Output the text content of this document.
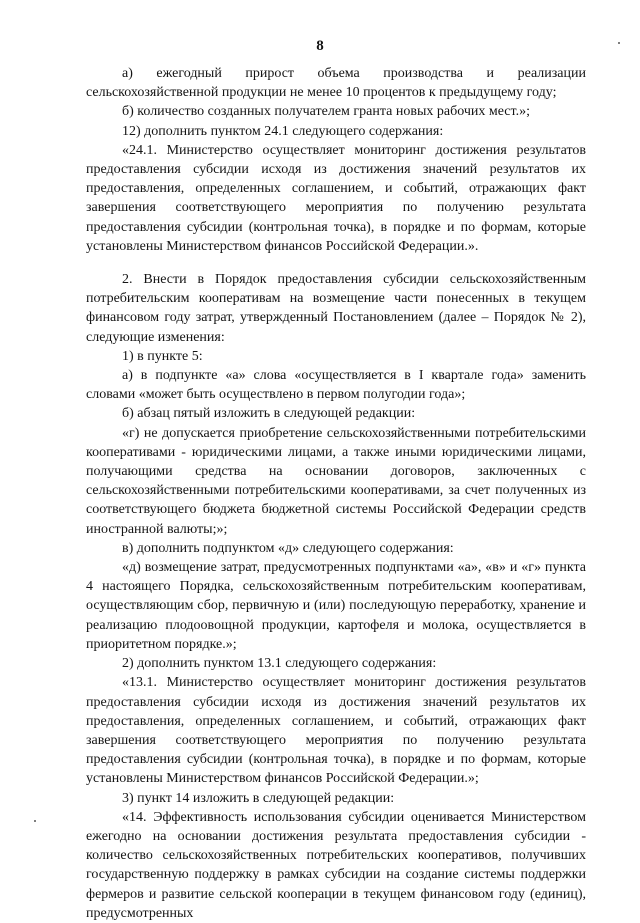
8

а) ежегодный прирост объема производства и реализации сельскохозяйственной продукции не менее 10 процентов к предыдущему году;

б) количество созданных получателем гранта новых рабочих мест.»;

12) дополнить пунктом 24.1 следующего содержания:

«24.1. Министерство осуществляет мониторинг достижения результатов предоставления субсидии исходя из достижения значений результатов их предоставления, определенных соглашением, и событий, отражающих факт завершения соответствующего мероприятия по получению результата предоставления субсидии (контрольная точка), в порядке и по формам, которые установлены Министерством финансов Российской Федерации.».

2. Внести в Порядок предоставления субсидии сельскохозяйственным потребительским кооперативам на возмещение части понесенных в текущем финансовом году затрат, утвержденный Постановлением (далее – Порядок № 2), следующие изменения:

1) в пункте 5:

а) в подпункте «а» слова «осуществляется в I квартале года» заменить словами «может быть осуществлено в первом полугодии года»;

б) абзац пятый изложить в следующей редакции:

«г) не допускается приобретение сельскохозяйственными потребительскими кооперативами - юридическими лицами, а также иными юридическими лицами, получающими средства на основании договоров, заключенных с сельскохозяйственными потребительскими кооперативами, за счет полученных из соответствующего бюджета бюджетной системы Российской Федерации средств иностранной валюты;»;

в) дополнить подпунктом «д» следующего содержания:

«д) возмещение затрат, предусмотренных подпунктами «а», «в» и «г» пункта 4 настоящего Порядка, сельскохозяйственным потребительским кооперативам, осуществляющим сбор, первичную и (или) последующую переработку, хранение и реализацию плодоовощной продукции, картофеля и молока, осуществляется в приоритетном порядке.»;

2) дополнить пунктом 13.1 следующего содержания:

«13.1. Министерство осуществляет мониторинг достижения результатов предоставления субсидии исходя из достижения значений результатов их предоставления, определенных соглашением, и событий, отражающих факт завершения соответствующего мероприятия по получению результата предоставления субсидии (контрольная точка), в порядке и по формам, которые установлены Министерством финансов Российской Федерации.»;

3) пункт 14 изложить в следующей редакции:

«14. Эффективность использования субсидии оценивается Министерством ежегодно на основании достижения результата предоставления субсидии - количество сельскохозяйственных потребительских кооперативов, получивших государственную поддержку в рамках субсидии на создание системы поддержки фермеров и развитие сельской кооперации в текущем финансовом году (единиц), предусмотренных
